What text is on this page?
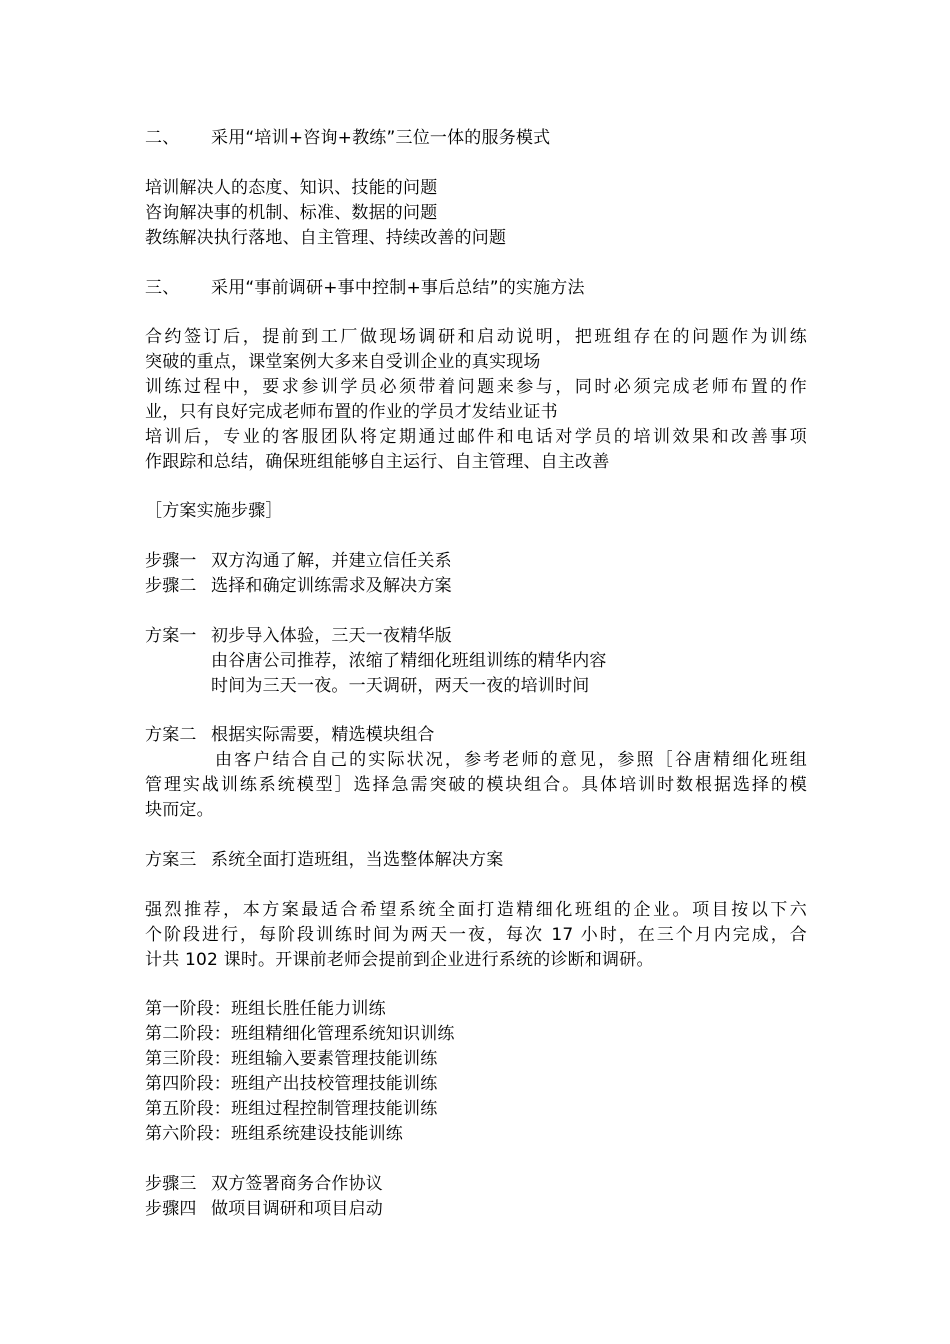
二、 采用“培训+咨询+教练”三位一体的服务模式
培训解决人的态度、知识、技能的问题
咨询解决事的机制、标准、数据的问题
教练解决执行落地、自主管理、持续改善的问题
三、 采用“事前调研+事中控制+事后总结”的实施方法
合约签订后，提前到工厂做现场调研和启动说明，把班组存在的问题作为训练
突破的重点，课堂案例大多来自受训企业的真实现场
训练过程中，要求参训学员必须带着问题来参与，同时必须完成老师布置的作
业，只有良好完成老师布置的作业的学员才发结业证书
培训后，专业的客服团队将定期通过邮件和电话对学员的培训效果和改善事项
作跟踪和总结，确保班组能够自主运行、自主管理、自主改善
［方案实施步骤］
步骤一 双方沟通了解，并建立信任关系
步骤二 选择和确定训练需求及解决方案
方案一 初步导入体验，三天一夜精华版
由谷唐公司推荐，浓缩了精细化班组训练的精华内容
时间为三天一夜。一天调研，两天一夜的培训时间
方案二 根据实际需要，精选模块组合
由客户结合自己的实际状况，参考老师的意见，参照［谷唐精细化班组
管理实战训练系统模型］选择急需突破的模块组合。具体培训时数根据选择的模
块而定。
方案三 系统全面打造班组，当选整体解决方案
强烈推荐，本方案最适合希望系统全面打造精细化班组的企业。项目按以下六
个阶段进行，每阶段训练时间为两天一夜，每次 17 小时，在三个月内完成，合
计共 102 课时。开课前老师会提前到企业进行系统的诊断和调研。
第一阶段：班组长胜任能力训练
第二阶段：班组精细化管理系统知识训练
第三阶段：班组输入要素管理技能训练
第四阶段：班组产出技校管理技能训练
第五阶段：班组过程控制管理技能训练
第六阶段：班组系统建设技能训练
步骤三 双方签署商务合作协议
步骤四 做项目调研和项目启动
